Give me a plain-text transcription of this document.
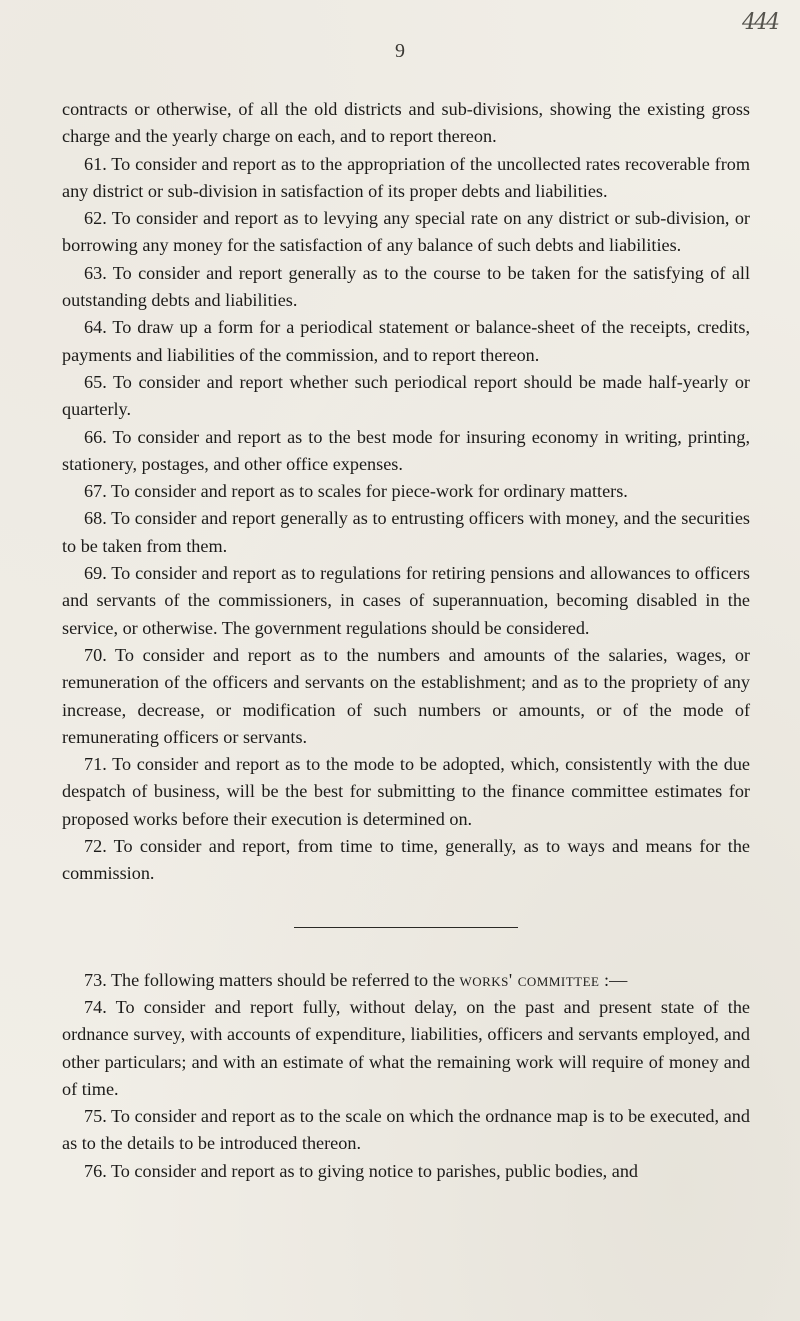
444
9

contracts or otherwise, of all the old districts and sub-divisions, showing the existing gross charge and the yearly charge on each, and to report thereon.

61. To consider and report as to the appropriation of the uncollected rates recoverable from any district or sub-division in satisfaction of its proper debts and liabilities.

62. To consider and report as to levying any special rate on any district or sub-division, or borrowing any money for the satisfaction of any balance of such debts and liabilities.

63. To consider and report generally as to the course to be taken for the satisfying of all outstanding debts and liabilities.

64. To draw up a form for a periodical statement or balance-sheet of the receipts, credits, payments and liabilities of the commission, and to report thereon.

65. To consider and report whether such periodical report should be made half-yearly or quarterly.

66. To consider and report as to the best mode for insuring economy in writing, printing, stationery, postages, and other office expenses.

67. To consider and report as to scales for piece-work for ordinary matters.

68. To consider and report generally as to entrusting officers with money, and the securities to be taken from them.

69. To consider and report as to regulations for retiring pensions and allowances to officers and servants of the commissioners, in cases of superannuation, becoming disabled in the service, or otherwise. The government regulations should be considered.

70. To consider and report as to the numbers and amounts of the salaries, wages, or remuneration of the officers and servants on the establishment; and as to the propriety of any increase, decrease, or modification of such numbers or amounts, or of the mode of remunerating officers or servants.

71. To consider and report as to the mode to be adopted, which, consistently with the due despatch of business, will be the best for submitting to the finance committee estimates for proposed works before their execution is determined on.

72. To consider and report, from time to time, generally, as to ways and means for the commission.

73. The following matters should be referred to the works' committee :—

74. To consider and report fully, without delay, on the past and present state of the ordnance survey, with accounts of expenditure, liabilities, officers and servants employed, and other particulars; and with an estimate of what the remaining work will require of money and of time.

75. To consider and report as to the scale on which the ordnance map is to be executed, and as to the details to be introduced thereon.

76. To consider and report as to giving notice to parishes, public bodies, and
